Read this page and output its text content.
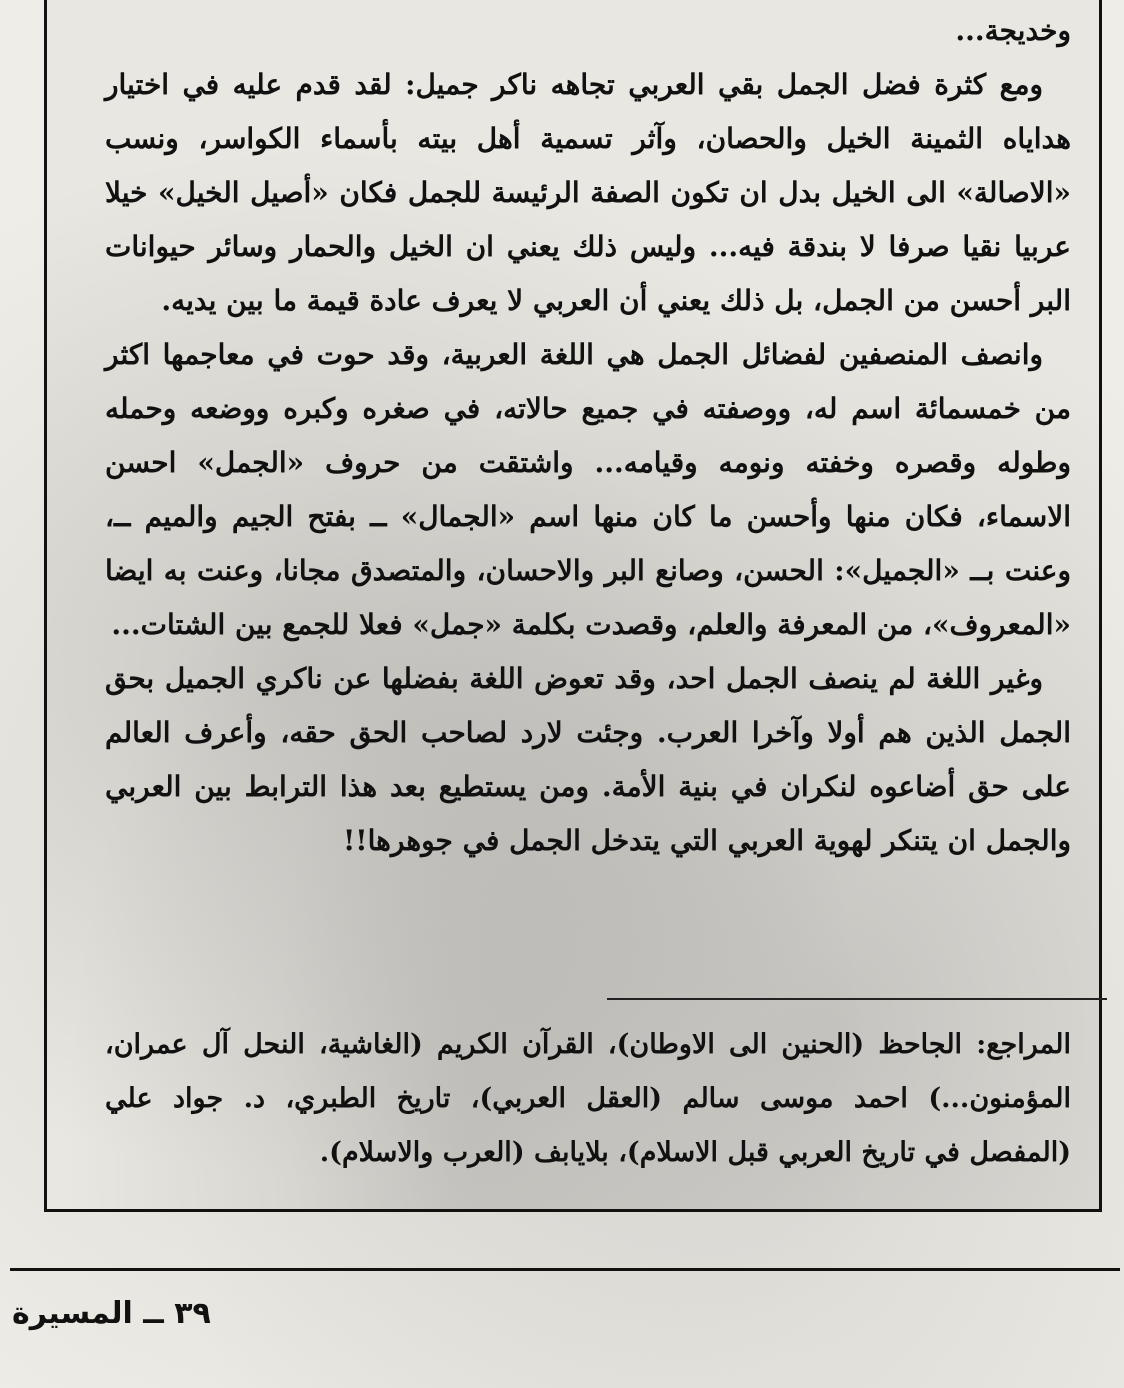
وخديجة...

ومع كثرة فضل الجمل بقي العربي تجاهه ناكر جميل: لقد قدم عليه في اختيار هداياه الثمينة الخيل والحصان، وآثر تسمية أهل بيته بأسماء الكواسر، ونسب «الاصالة» الى الخيل بدل ان تكون الصفة الرئيسة للجمل فكان «أصيل الخيل» خيلا عربيا نقيا صرفا لا بندقة فيه... وليس ذلك يعني ان الخيل والحمار وسائر حيوانات البر أحسن من الجمل، بل ذلك يعني أن العربي لا يعرف عادة قيمة ما بين يديه.

وانصف المنصفين لفضائل الجمل هي اللغة العربية، وقد حوت في معاجمها اكثر من خمسمائة اسم له، ووصفته في جميع حالاته، في صغره وكبره ووضعه وحمله وطوله وقصره وخفته ونومه وقيامه... واشتقت من حروف «الجمل» احسن الاسماء، فكان منها وأحسن ما كان منها اسم «الجمال» ــ بفتح الجيم والميم ــ، وعنت بــ «الجميل»: الحسن، وصانع البر والاحسان، والمتصدق مجانا، وعنت به ايضا «المعروف»، من المعرفة والعلم، وقصدت بكلمة «جمل» فعلا للجمع بين الشتات...

وغير اللغة لم ينصف الجمل احد، وقد تعوض اللغة بفضلها عن ناكري الجميل بحق الجمل الذين هم أولا وآخرا العرب. وجئت لارد لصاحب الحق حقه، وأعرف العالم على حق أضاعوه لنكران في بنية الأمة. ومن يستطيع بعد هذا الترابط بين العربي والجمل ان يتنكر لهوية العربي التي يتدخل الجمل في جوهرها!!

المراجع: الجاحظ (الحنين الى الاوطان)، القرآن الكريم (الغاشية، النحل آل عمران، المؤمنون...) احمد موسى سالم (العقل العربي)، تاريخ الطبري، د. جواد علي (المفصل في تاريخ العربي قبل الاسلام)، بلايابف (العرب والاسلام).
٣٩ ــ المسيرة
